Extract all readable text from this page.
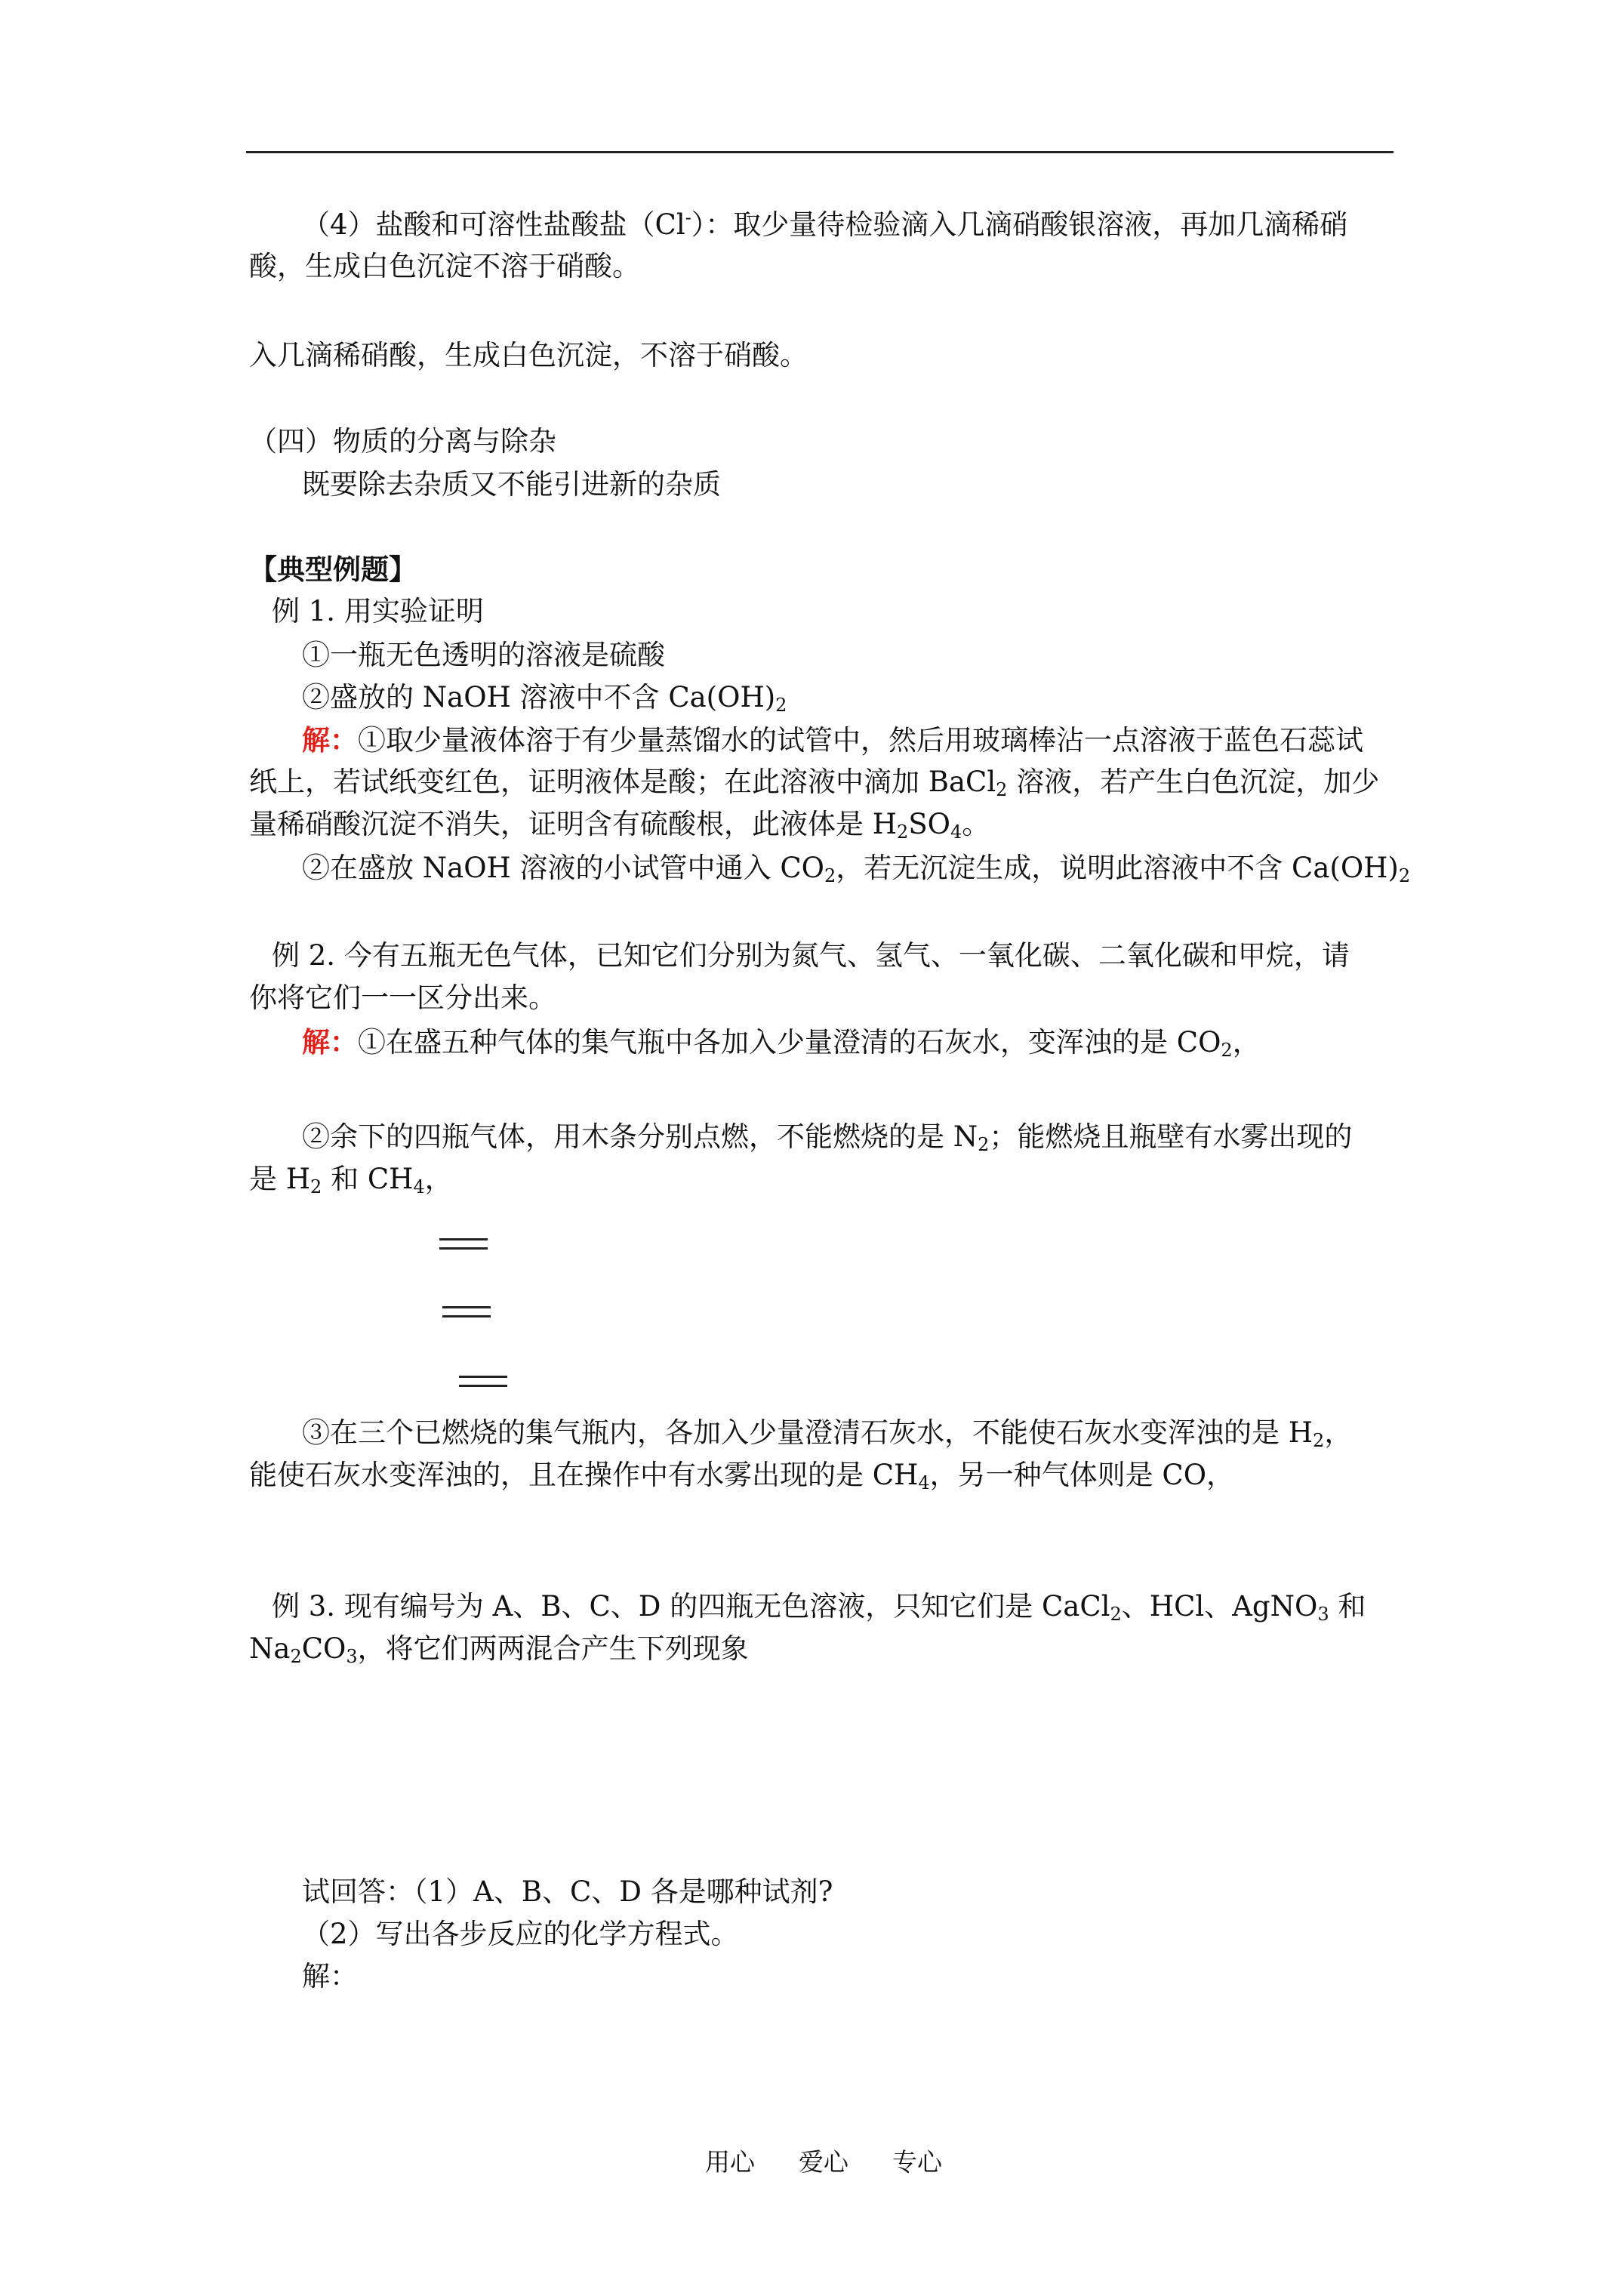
（4）盐酸和可溶性盐酸盐（Cl-）：取少量待检验滴入几滴硝酸银溶液，再加几滴稀硝
酸，生成白色沉淀不溶于硝酸。
入几滴稀硝酸，生成白色沉淀，不溶于硝酸。
（四）物质的分离与除杂
既要除去杂质又不能引进新的杂质
【典型例题】
例 1. 用实验证明
①一瓶无色透明的溶液是硫酸
②盛放的 NaOH 溶液中不含 $Ca(OH)_2$
解：①取少量液体溶于有少量蒸馏水的试管中，然后用玻璃棒沾一点溶液于蓝色石蕊试
纸上，若试纸变红色，证明液体是酸；在此溶液中滴加 BaCl$_2$ 溶液，若产生白色沉淀，加少
量稀硝酸沉淀不消失，证明含有硫酸根，此液体是 $H_2SO_4$。
②在盛放 NaOH 溶液的小试管中通入 $CO_2$，若无沉淀生成，说明此溶液中不含 $Ca(OH)_2$
例 2. 今有五瓶无色气体，已知它们分别为氮气、氢气、一氧化碳、二氧化碳和甲烷，请
你将它们一一区分出来。
解：①在盛五种气体的集气瓶中各加入少量澄清的石灰水，变浑浊的是 $CO_2$，
②余下的四瓶气体，用木条分别点燃，不能燃烧的是 $N_2$；能燃烧且瓶壁有水雾出现的
是 $H_2$ 和 $CH_4$，
③在三个已燃烧的集气瓶内，各加入少量澄清石灰水，不能使石灰水变浑浊的是 $H_2$，
能使石灰水变浑浊的，且在操作中有水雾出现的是 $CH_4$，另一种气体则是 CO，
例 3. 现有编号为 A、B、C、D 的四瓶无色溶液，只知它们是 CaCl$_2$、HCl、AgNO$_3$ 和
$Na_2CO_3$，将它们两两混合产生下列现象
试回答：（1）A、B、C、D 各是哪种试剂?
（2）写出各步反应的化学方程式。
解：
用心 爱心 专心
